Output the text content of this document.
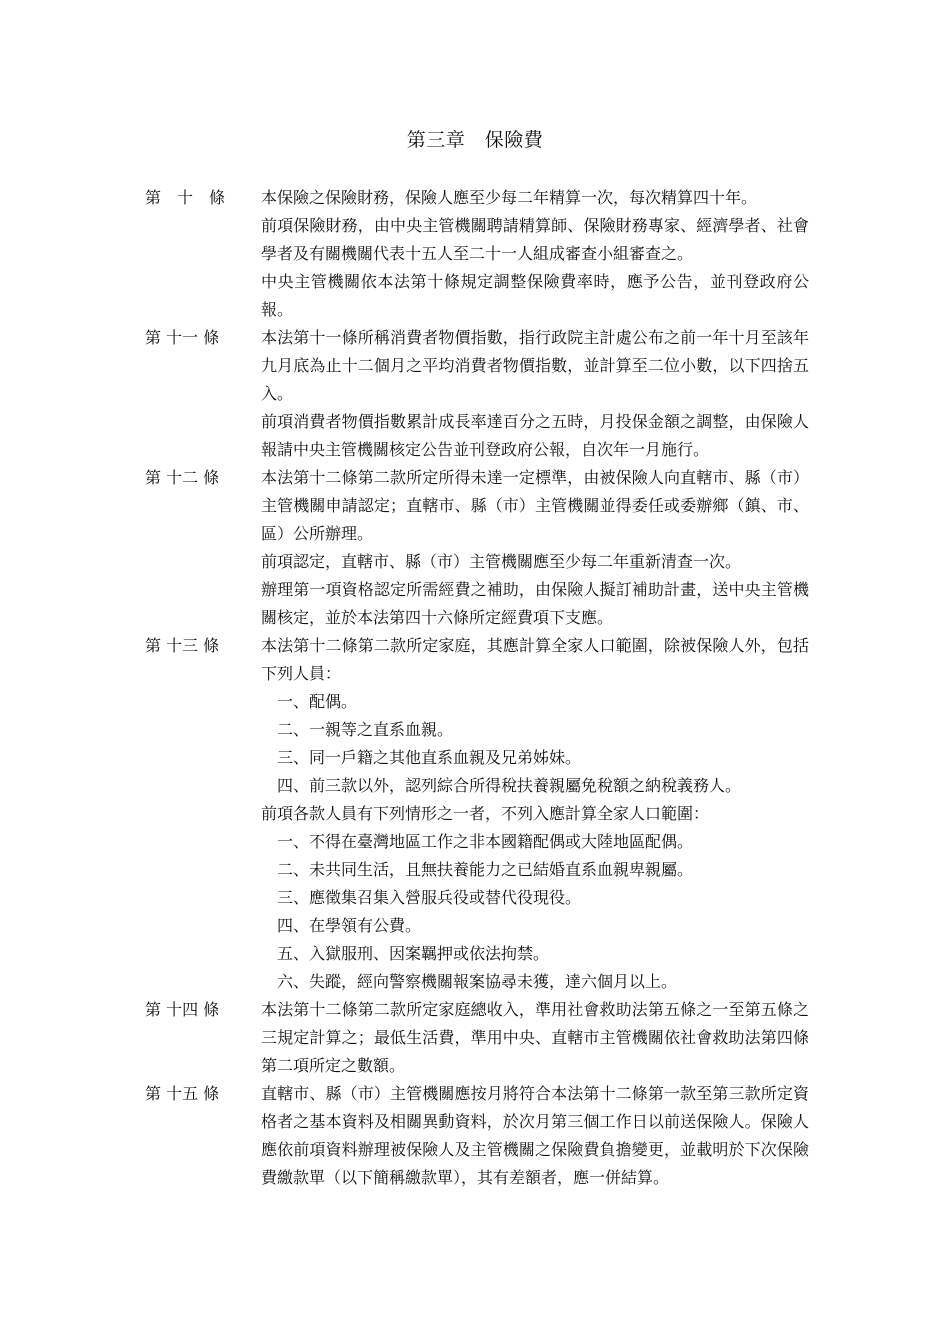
第三章　保險費
第　十　條	本保險之保險財務，保險人應至少每二年精算一次，每次精算四十年。

前項保險財務，由中央主管機關聘請精算師、保險財務專家、經濟學者、社會學者及有關機關代表十五人至二十一人組成審查小組審查之。

中央主管機關依本法第十條規定調整保險費率時，應予公告，並刊登政府公報。

第 十一 條	本法第十一條所稱消費者物價指數，指行政院主計處公布之前一年十月至該年九月底為止十二個月之平均消費者物價指數，並計算至二位小數，以下四捨五入。

前項消費者物價指數累計成長率達百分之五時，月投保金額之調整，由保險人報請中央主管機關核定公告並刊登政府公報，自次年一月施行。

第 十二 條	本法第十二條第二款所定所得未達一定標準，由被保險人向直轄市、縣（市）主管機關申請認定；直轄市、縣（市）主管機關並得委任或委辦鄉（鎮、市、區）公所辦理。

前項認定，直轄市、縣（市）主管機關應至少每二年重新清查一次。

辦理第一項資格認定所需經費之補助，由保險人擬訂補助計畫，送中央主管機關核定，並於本法第四十六條所定經費項下支應。

第 十三 條	本法第十二條第二款所定家庭，其應計算全家人口範圍，除被保險人外，包括下列人員：

一、配偶。
二、一親等之直系血親。
三、同一戶籍之其他直系血親及兄弟姊妹。
四、前三款以外，認列綜合所得稅扶養親屬免稅額之納稅義務人。

前項各款人員有下列情形之一者，不列入應計算全家人口範圍：

一、不得在臺灣地區工作之非本國籍配偶或大陸地區配偶。
二、未共同生活，且無扶養能力之已結婚直系血親卑親屬。
三、應徵集召集入營服兵役或替代役現役。
四、在學領有公費。
五、入獄服刑、因案羈押或依法拘禁。
六、失蹤，經向警察機關報案協尋未獲，達六個月以上。
第 十四 條	本法第十二條第二款所定家庭總收入，準用社會救助法第五條之一至第五條之三規定計算之；最低生活費，準用中央、直轄市主管機關依社會救助法第四條第二項所定之數額。

第 十五 條	直轄市、縣（市）主管機關應按月將符合本法第十二條第一款至第三款所定資格者之基本資料及相關異動資料，於次月第三個工作日以前送保險人。保險人應依前項資料辦理被保險人及主管機關之保險費負擔變更，並載明於下次保險費繳款單（以下簡稱繳款單），其有差額者，應一併結算。
